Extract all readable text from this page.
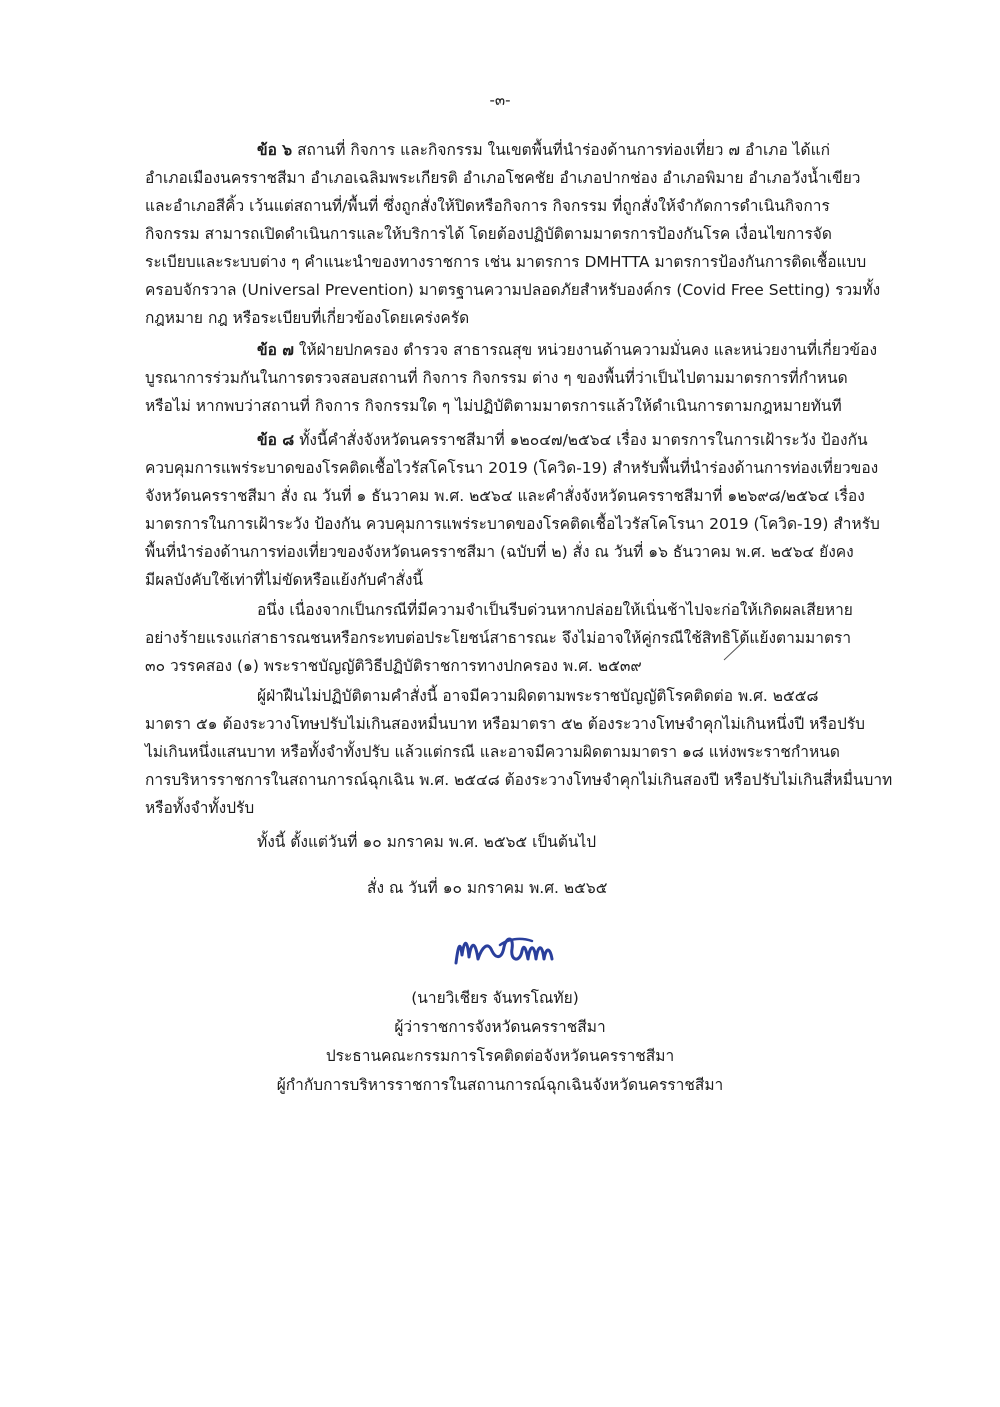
-๓-

ข้อ ๖ สถานที่ กิจการ และกิจกรรม ในเขตพื้นที่นำร่องด้านการท่องเที่ยว ๗ อำเภอ ได้แก่
อำเภอเมืองนครราชสีมา อำเภอเฉลิมพระเกียรติ อำเภอโชคชัย อำเภอปากช่อง อำเภอพิมาย อำเภอวังน้ำเขียว
และอำเภอสีคิ้ว เว้นแต่สถานที่/พื้นที่ ซึ่งถูกสั่งให้ปิดหรือกิจการ กิจกรรม ที่ถูกสั่งให้จำกัดการดำเนินกิจการ
กิจกรรม สามารถเปิดดำเนินการและให้บริการได้ โดยต้องปฏิบัติตามมาตรการป้องกันโรค เงื่อนไขการจัด
ระเบียบและระบบต่าง ๆ คำแนะนำของทางราชการ เช่น มาตรการ DMHTTA มาตรการป้องกันการติดเชื้อแบบ
ครอบจักรวาล (Universal Prevention) มาตรฐานความปลอดภัยสำหรับองค์กร (Covid Free Setting) รวมทั้ง
กฎหมาย กฎ หรือระเบียบที่เกี่ยวข้องโดยเคร่งครัด

ข้อ ๗ ให้ฝ่ายปกครอง ตำรวจ สาธารณสุข หน่วยงานด้านความมั่นคง และหน่วยงานที่เกี่ยวข้อง
บูรณาการร่วมกันในการตรวจสอบสถานที่ กิจการ กิจกรรม ต่าง ๆ ของพื้นที่ว่าเป็นไปตามมาตรการที่กำหนด
หรือไม่ หากพบว่าสถานที่ กิจการ กิจกรรมใด ๆ ไม่ปฏิบัติตามมาตรการแล้วให้ดำเนินการตามกฎหมายทันที

ข้อ ๘ ทั้งนี้คำสั่งจังหวัดนครราชสีมาที่ ๑๒๐๔๗/๒๕๖๔ เรื่อง มาตรการในการเฝ้าระวัง ป้องกัน
ควบคุมการแพร่ระบาดของโรคติดเชื้อไวรัสโคโรนา 2019 (โควิด-19) สำหรับพื้นที่นำร่องด้านการท่องเที่ยวของ
จังหวัดนครราชสีมา สั่ง ณ วันที่ ๑ ธันวาคม พ.ศ. ๒๕๖๔ และคำสั่งจังหวัดนครราชสีมาที่ ๑๒๖๙๘/๒๕๖๔ เรื่อง
มาตรการในการเฝ้าระวัง ป้องกัน ควบคุมการแพร่ระบาดของโรคติดเชื้อไวรัสโคโรนา 2019 (โควิด-19) สำหรับ
พื้นที่นำร่องด้านการท่องเที่ยวของจังหวัดนครราชสีมา (ฉบับที่ ๒) สั่ง ณ วันที่ ๑๖ ธันวาคม พ.ศ. ๒๕๖๔ ยังคง
มีผลบังคับใช้เท่าที่ไม่ขัดหรือแย้งกับคำสั่งนี้

อนึ่ง เนื่องจากเป็นกรณีที่มีความจำเป็นรีบด่วนหากปล่อยให้เนิ่นช้าไปจะก่อให้เกิดผลเสียหาย
อย่างร้ายแรงแก่สาธารณชนหรือกระทบต่อประโยชน์สาธารณะ จึงไม่อาจให้คู่กรณีใช้สิทธิโต้แย้งตามมาตรา
๓๐ วรรคสอง (๑) พระราชบัญญัติวิธีปฏิบัติราชการทางปกครอง พ.ศ. ๒๕๓๙

ผู้ฝ่าฝืนไม่ปฏิบัติตามคำสั่งนี้ อาจมีความผิดตามพระราชบัญญัติโรคติดต่อ พ.ศ. ๒๕๕๘
มาตรา ๕๑ ต้องระวางโทษปรับไม่เกินสองหมื่นบาท หรือมาตรา ๕๒ ต้องระวางโทษจำคุกไม่เกินหนึ่งปี หรือปรับ
ไม่เกินหนึ่งแสนบาท หรือทั้งจำทั้งปรับ แล้วแต่กรณี และอาจมีความผิดตามมาตรา ๑๘ แห่งพระราชกำหนด
การบริหารราชการในสถานการณ์ฉุกเฉิน พ.ศ. ๒๕๔๘ ต้องระวางโทษจำคุกไม่เกินสองปี หรือปรับไม่เกินสี่หมื่นบาท
หรือทั้งจำทั้งปรับ

ทั้งนี้ ตั้งแต่วันที่ ๑๐ มกราคม พ.ศ. ๒๕๖๕ เป็นต้นไป
สั่ง ณ วันที่ ๑๐ มกราคม พ.ศ. ๒๕๖๕
(นายวิเชียร จันทรโณทัย)
ผู้ว่าราชการจังหวัดนครราชสีมา
ประธานคณะกรรมการโรคติดต่อจังหวัดนครราชสีมา
ผู้กำกับการบริหารราชการในสถานการณ์ฉุกเฉินจังหวัดนครราชสีมา
